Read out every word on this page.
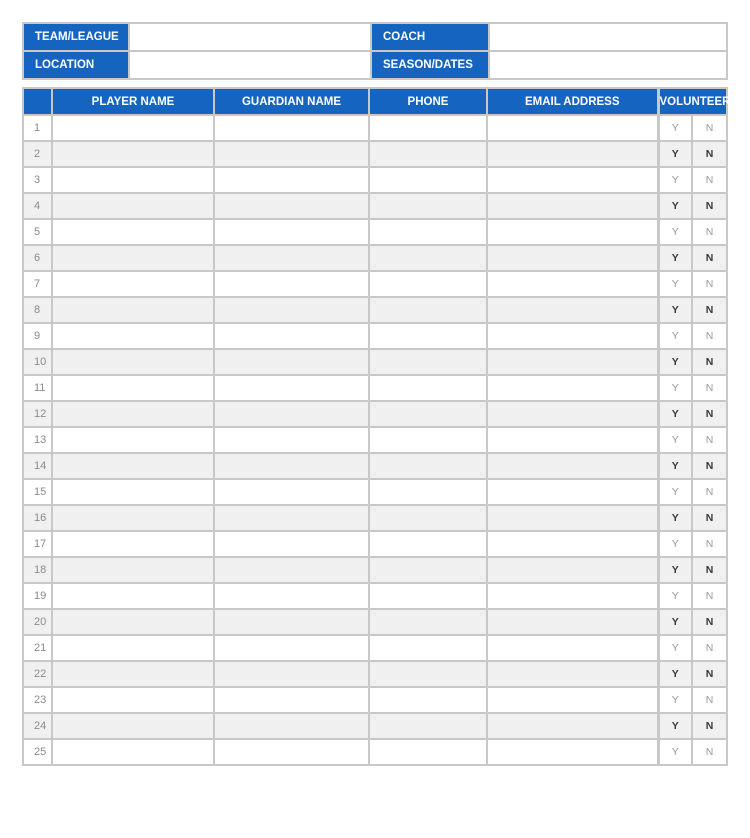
TEAM/LEAGUE		COACH	
LOCATION		SEASON/DATES	
	PLAYER NAME	GUARDIAN NAME	PHONE	EMAIL ADDRESS	VOLUNTEER	
1					Y	N
2					Y	N
3					Y	N
4					Y	N
5					Y	N
6					Y	N
7					Y	N
8					Y	N
9					Y	N
10					Y	N
11					Y	N
12					Y	N
13					Y	N
14					Y	N
15					Y	N
16					Y	N
17					Y	N
18					Y	N
19					Y	N
20					Y	N
21					Y	N
22					Y	N
23					Y	N
24					Y	N
25					Y	N
